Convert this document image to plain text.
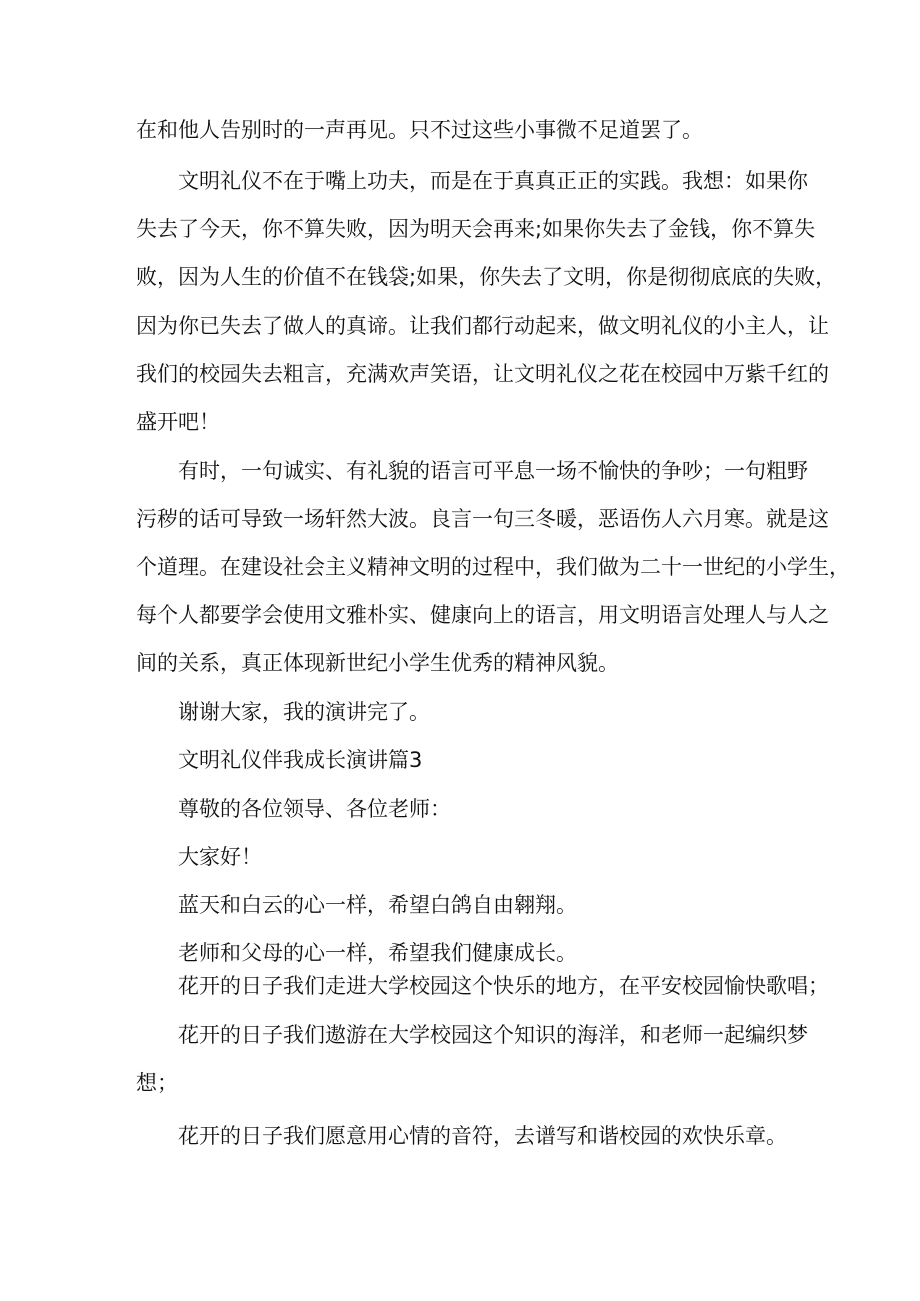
在和他人告别时的一声再见。只不过这些小事微不足道罢了。
文明礼仪不在于嘴上功夫，而是在于真真正正的实践。我想：如果你
失去了今天，你不算失败，因为明天会再来;如果你失去了金钱，你不算失
败，因为人生的价值不在钱袋;如果，你失去了文明，你是彻彻底底的失败，
因为你已失去了做人的真谛。让我们都行动起来，做文明礼仪的小主人，让
我们的校园失去粗言，充满欢声笑语，让文明礼仪之花在校园中万紫千红的
盛开吧！
有时，一句诚实、有礼貌的语言可平息一场不愉快的争吵；一句粗野
污秽的话可导致一场轩然大波。良言一句三冬暖，恶语伤人六月寒。就是这
个道理。在建设社会主义精神文明的过程中，我们做为二十一世纪的小学生，
每个人都要学会使用文雅朴实、健康向上的语言，用文明语言处理人与人之
间的关系，真正体现新世纪小学生优秀的精神风貌。
谢谢大家，我的演讲完了。
文明礼仪伴我成长演讲篇3
尊敬的各位领导、各位老师：
大家好！
蓝天和白云的心一样，希望白鸽自由翱翔。
老师和父母的心一样，希望我们健康成长。
花开的日子我们走进大学校园这个快乐的地方，在平安校园愉快歌唱；
花开的日子我们遨游在大学校园这个知识的海洋，和老师一起编织梦
想；
花开的日子我们愿意用心情的音符，去谱写和谐校园的欢快乐章。
